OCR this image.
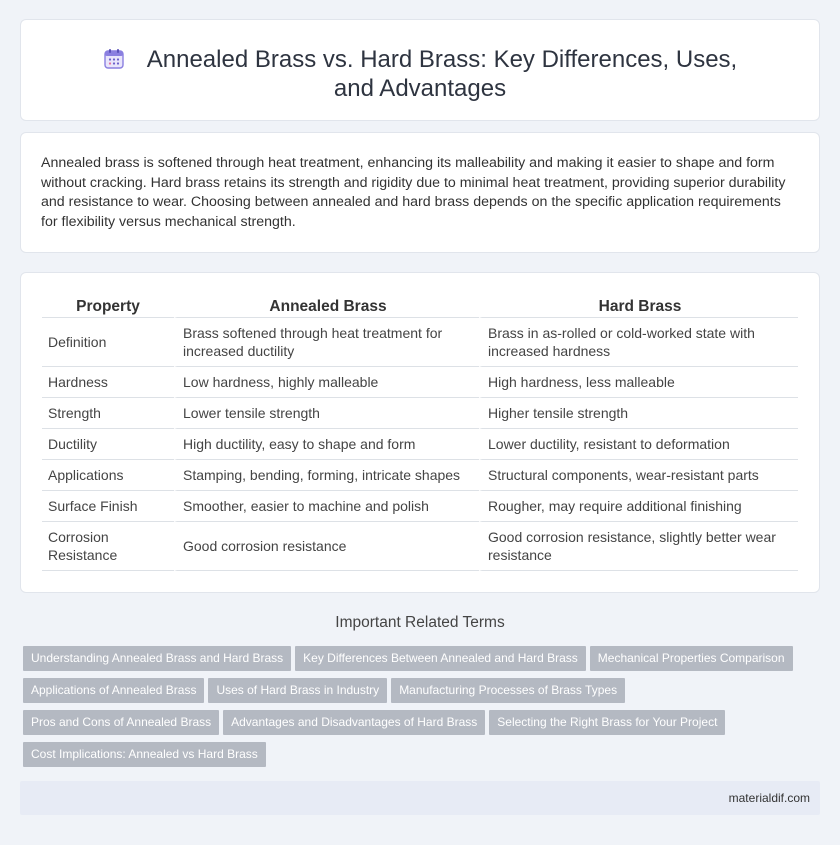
Annealed Brass vs. Hard Brass: Key Differences, Uses, and Advantages

Annealed brass is softened through heat treatment, enhancing its malleability and making it easier to shape and form without cracking. Hard brass retains its strength and rigidity due to minimal heat treatment, providing superior durability and resistance to wear. Choosing between annealed and hard brass depends on the specific application requirements for flexibility versus mechanical strength.

Property	Annealed Brass	Hard Brass
Definition	Brass softened through heat treatment for increased ductility	Brass in as-rolled or cold-worked state with increased hardness
Hardness	Low hardness, highly malleable	High hardness, less malleable
Strength	Lower tensile strength	Higher tensile strength
Ductility	High ductility, easy to shape and form	Lower ductility, resistant to deformation
Applications	Stamping, bending, forming, intricate shapes	Structural components, wear-resistant parts
Surface Finish	Smoother, easier to machine and polish	Rougher, may require additional finishing
Corrosion Resistance	Good corrosion resistance	Good corrosion resistance, slightly better wear resistance
Important Related Terms
Understanding Annealed Brass and Hard Brass Key Differences Between Annealed and Hard Brass Mechanical Properties Comparison
Applications of Annealed Brass Uses of Hard Brass in Industry Manufacturing Processes of Brass Types
Pros and Cons of Annealed Brass Advantages and Disadvantages of Hard Brass Selecting the Right Brass for Your Project
Cost Implications: Annealed vs Hard Brass
materialdif.com
